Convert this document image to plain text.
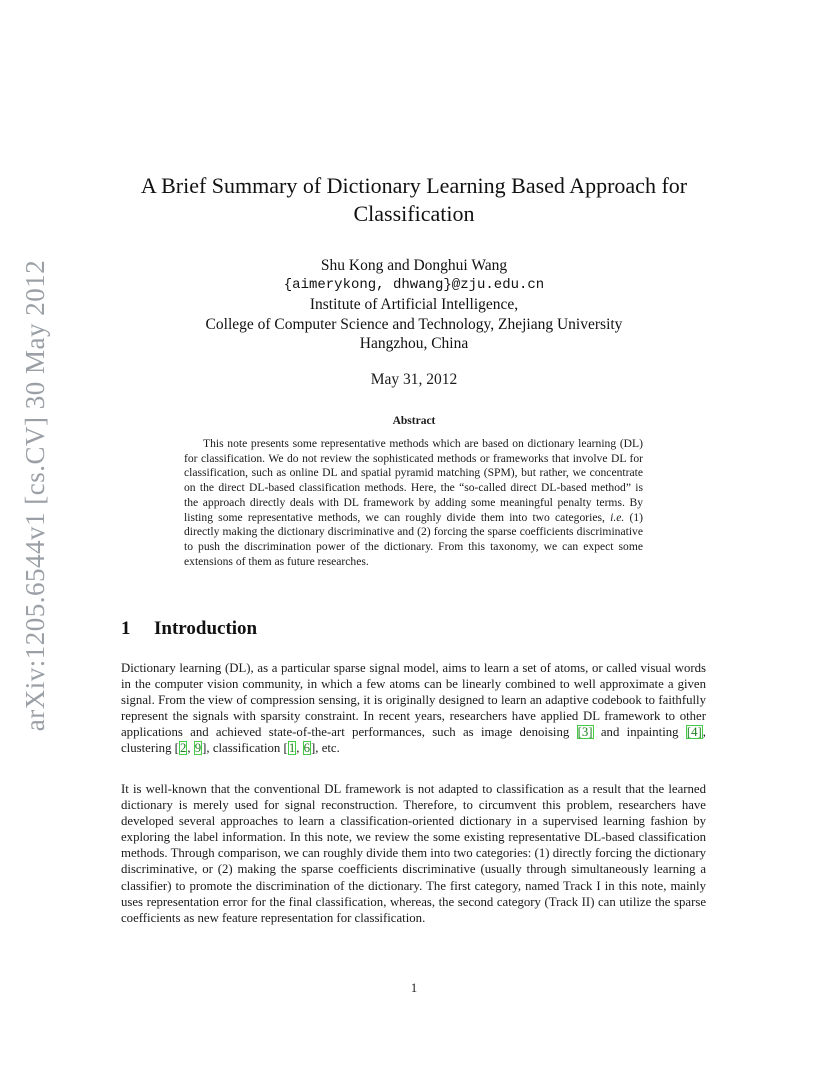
arXiv:1205.6544v1 [cs.CV] 30 May 2012
A Brief Summary of Dictionary Learning Based Approach for
Classification
Shu Kong and Donghui Wang
{aimerykong, dhwang}@zju.edu.cn
Institute of Artificial Intelligence,
College of Computer Science and Technology, Zhejiang University
Hangzhou, China
May 31, 2012
Abstract
This note presents some representative methods which are based on dictionary learning (DL) for classification. We do not review the sophisticated methods or frameworks that involve DL for classification, such as online DL and spatial pyramid matching (SPM), but rather, we concentrate on the direct DL-based classification methods. Here, the “so-called direct DL-based method” is the approach directly deals with DL framework by adding some meaningful penalty terms. By listing some representative methods, we can roughly divide them into two categories, i.e. (1) directly making the dictionary discriminative and (2) forcing the sparse coefficients discriminative to push the discrimination power of the dictionary. From this taxonomy, we can expect some extensions of them as future researches.
1 Introduction
Dictionary learning (DL), as a particular sparse signal model, aims to learn a set of atoms, or called visual words in the computer vision community, in which a few atoms can be linearly combined to well approximate a given signal. From the view of compression sensing, it is originally designed to learn an adaptive codebook to faithfully represent the signals with sparsity constraint. In recent years, researchers have applied DL framework to other applications and achieved state-of-the-art performances, such as image denoising [3] and inpainting [4], clustering [2, 9], classification [1, 6], etc.
It is well-known that the conventional DL framework is not adapted to classification as a result that the learned dictionary is merely used for signal reconstruction. Therefore, to circumvent this problem, researchers have developed several approaches to learn a classification-oriented dictionary in a supervised learning fashion by exploring the label information. In this note, we review the some existing representative DL-based classification methods. Through comparison, we can roughly divide them into two categories: (1) directly forcing the dictionary discriminative, or (2) making the sparse coefficients discriminative (usually through simultaneously learning a classifier) to promote the discrimination of the dictionary. The first category, named Track I in this note, mainly uses representation error for the final classification, whereas, the second category (Track II) can utilize the sparse coefficients as new feature representation for classification.
1
